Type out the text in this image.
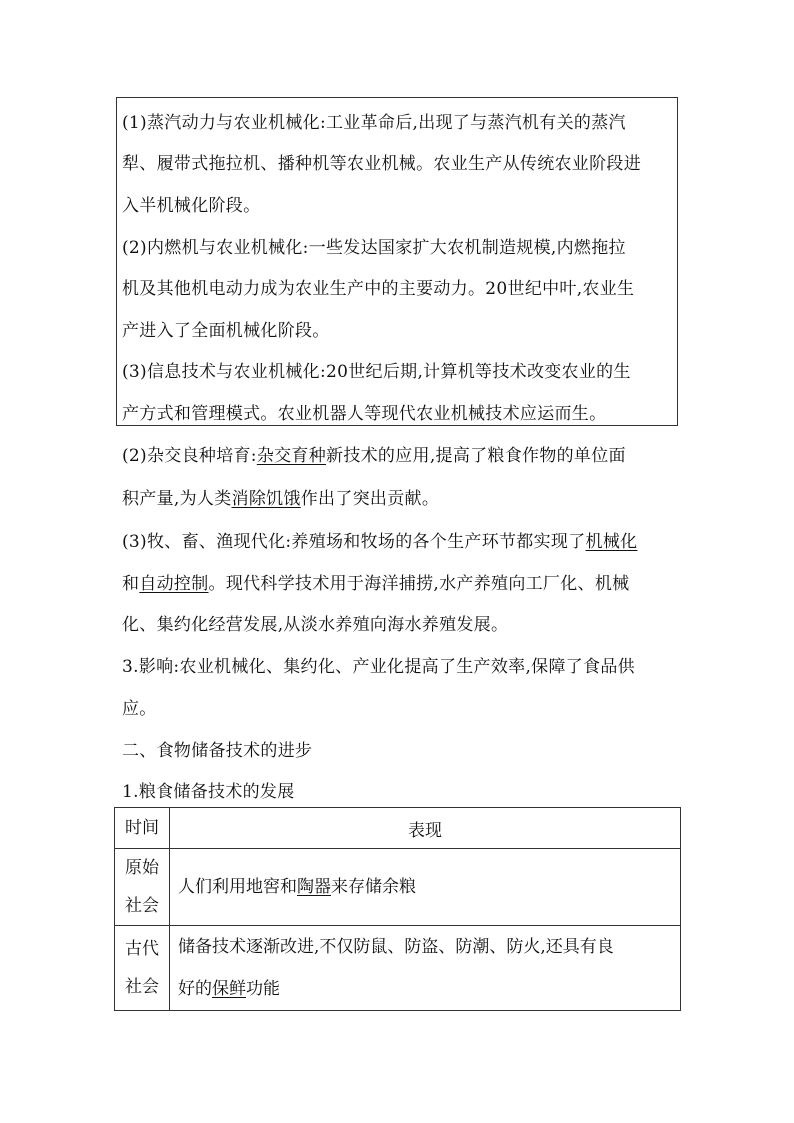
(1)蒸汽动力与农业机械化:工业革命后,出现了与蒸汽机有关的蒸汽
犁、履带式拖拉机、播种机等农业机械。农业生产从传统农业阶段进
入半机械化阶段。
(2)内燃机与农业机械化:一些发达国家扩大农机制造规模,内燃拖拉
机及其他机电动力成为农业生产中的主要动力。20世纪中叶,农业生
产进入了全面机械化阶段。
(3)信息技术与农业机械化:20世纪后期,计算机等技术改变农业的生
产方式和管理模式。农业机器人等现代农业机械技术应运而生。
(2)杂交良种培育:杂交育种新技术的应用,提高了粮食作物的单位面
积产量,为人类消除饥饿作出了突出贡献。
(3)牧、畜、渔现代化:养殖场和牧场的各个生产环节都实现了机械化
和自动控制。现代科学技术用于海洋捕捞,水产养殖向工厂化、机械
化、集约化经营发展,从淡水养殖向海水养殖发展。
3.影响:农业机械化、集约化、产业化提高了生产效率,保障了食品供
应。
二、食物储备技术的进步
1.粮食储备技术的发展
时间	表现
原始
社会	人们利用地窖和陶器来存储余粮
古代
社会	储备技术逐渐改进,不仅防鼠、防盗、防潮、防火,还具有良
好的保鲜功能
